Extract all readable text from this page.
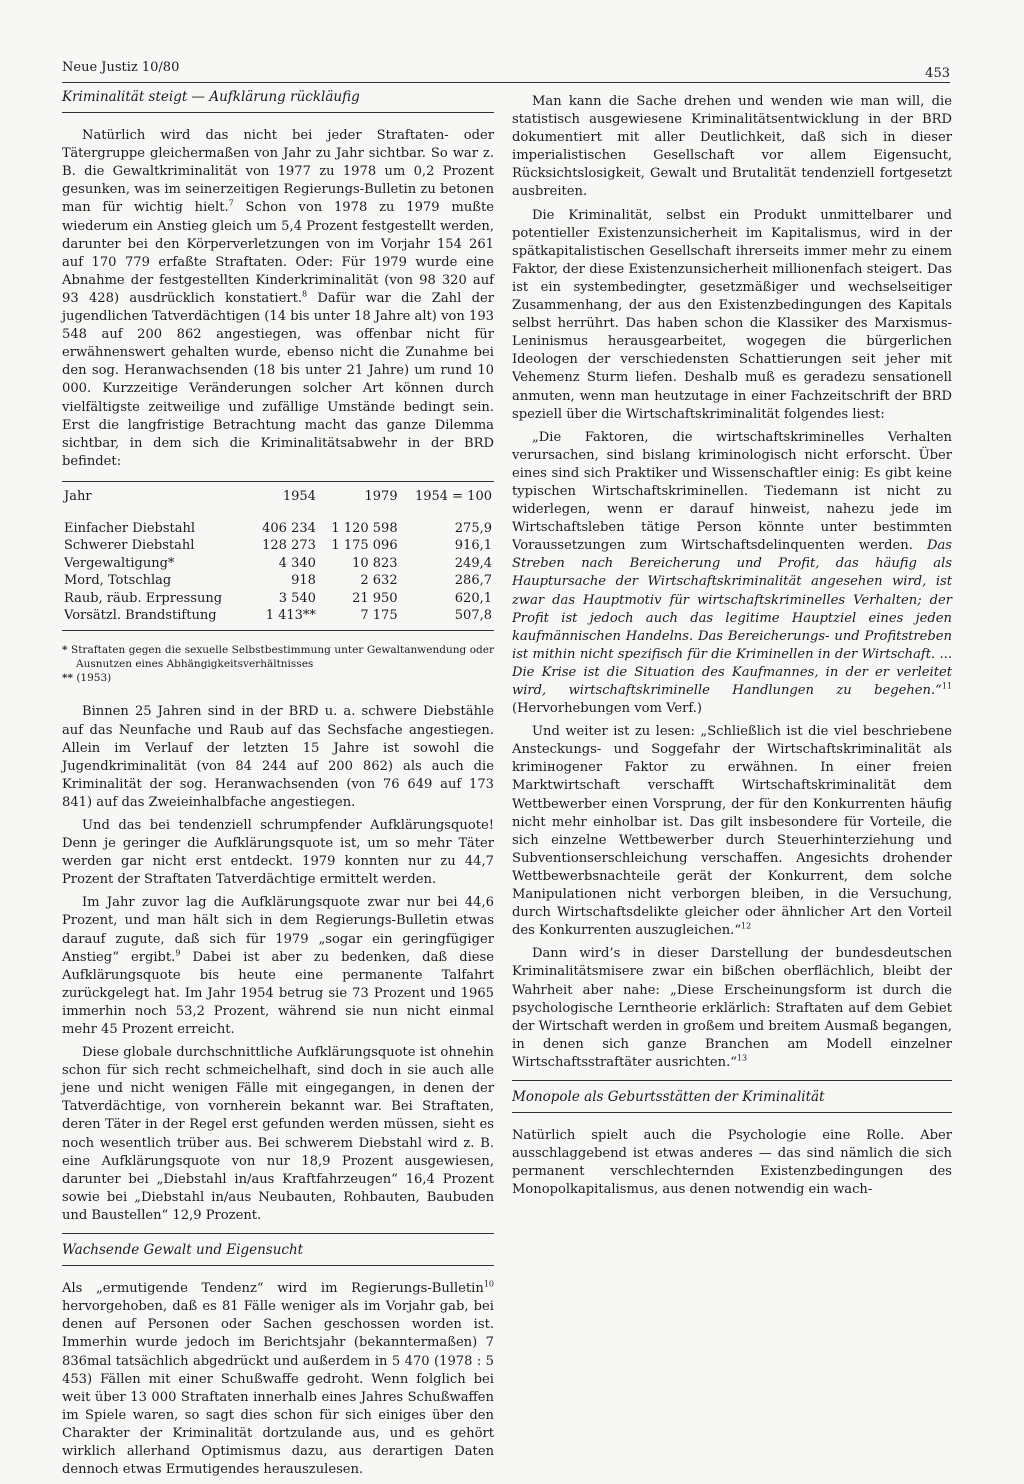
Neue Justiz 10/80	453
Kriminalität steigt — Aufklärung rückläufig

Natürlich wird das nicht bei jeder Straftaten- oder Tätergruppe gleichermaßen von Jahr zu Jahr sichtbar. So war z. B. die Gewaltkriminalität von 1977 zu 1978 um 0,2 Prozent gesunken, was im seinerzeitigen Regierungs-Bulletin zu betonen man für wichtig hielt.$^7$ Schon von 1978 zu 1979 mußte wiederum ein Anstieg gleich um 5,4 Prozent festgestellt werden, darunter bei den Körperverletzungen von im Vorjahr 154 261 auf 170 779 erfaßte Straftaten. Oder: Für 1979 wurde eine Abnahme der festgestellten Kinderkriminalität (von 98 320 auf 93 428) ausdrücklich konstatiert.$^8$ Dafür war die Zahl der jugendlichen Tatverdächtigen (14 bis unter 18 Jahre alt) von 193 548 auf 200 862 angestiegen, was offenbar nicht für erwähnenswert gehalten wurde, ebenso nicht die Zunahme bei den sog. Heranwachsenden (18 bis unter 21 Jahre) um rund 10 000. Kurzzeitige Veränderungen solcher Art können durch vielfältigste zeitweilige und zufällige Umstände bedingt sein. Erst die langfristige Betrachtung macht das ganze Dilemma sichtbar, in dem sich die Kriminalitätsabwehr in der BRD befindet:

Jahr	1954	1979	1954 = 100
Einfacher Diebstahl	406 234	1 120 598	275,9
Schwerer Diebstahl	128 273	1 175 096	916,1
Vergewaltigung*	4 340	10 823	249,4
Mord, Totschlag	918	2 632	286,7
Raub, räub. Erpressung	3 540	21 950	620,1
Vorsätzl. Brandstiftung	1 413**	7 175	507,8
* Straftaten gegen die sexuelle Selbstbestimmung unter Gewaltanwendung oder Ausnutzen eines Abhängigkeitsverhältnisses
** (1953)

Binnen 25 Jahren sind in der BRD u. a. schwere Diebstähle auf das Neunfache und Raub auf das Sechsfache angestiegen. Allein im Verlauf der letzten 15 Jahre ist sowohl die Jugendkriminalität (von 84 244 auf 200 862) als auch die Kriminalität der sog. Heranwachsenden (von 76 649 auf 173 841) auf das Zweieinhalbfache angestiegen.

Und das bei tendenziell schrumpfender Aufklärungsquote! Denn je geringer die Aufklärungsquote ist, um so mehr Täter werden gar nicht erst entdeckt. 1979 konnten nur zu 44,7 Prozent der Straftaten Tatverdächtige ermittelt werden.

Im Jahr zuvor lag die Aufklärungsquote zwar nur bei 44,6 Prozent, und man hält sich in dem Regierungs-Bulletin etwas darauf zugute, daß sich für 1979 „sogar ein geringfügiger Anstieg“ ergibt.$^9$ Dabei ist aber zu bedenken, daß diese Aufklärungsquote bis heute eine permanente Talfahrt zurückgelegt hat. Im Jahr 1954 betrug sie 73 Prozent und 1965 immerhin noch 53,2 Prozent, während sie nun nicht einmal mehr 45 Prozent erreicht.

Diese globale durchschnittliche Aufklärungsquote ist ohnehin schon für sich recht schmeichelhaft, sind doch in sie auch alle jene und nicht wenigen Fälle mit eingegangen, in denen der Tatverdächtige, von vornherein bekannt war. Bei Straftaten, deren Täter in der Regel erst gefunden werden müssen, sieht es noch wesentlich trüber aus. Bei schwerem Diebstahl wird z. B. eine Aufklärungsquote von nur 18,9 Prozent ausgewiesen, darunter bei „Diebstahl in/aus Kraftfahrzeugen“ 16,4 Prozent sowie bei „Diebstahl in/aus Neubauten, Rohbauten, Baubuden und Baustellen“ 12,9 Prozent.

Wachsende Gewalt und Eigensucht

Als „ermutigende Tendenz“ wird im Regierungs-Bulletin$^{10}$ hervorgehoben, daß es 81 Fälle weniger als im Vorjahr gab, bei denen auf Personen oder Sachen geschossen worden ist. Immerhin wurde jedoch im Berichtsjahr (bekanntermaßen) 7 836mal tatsächlich abgedrückt und außerdem in 5 470 (1978 : 5 453) Fällen mit einer Schußwaffe gedroht. Wenn folglich bei weit über 13 000 Straftaten innerhalb eines Jahres Schußwaffen im Spiele waren, so sagt dies schon für sich einiges über den Charakter der Kriminalität dortzulande aus, und es gehört wirklich allerhand Optimismus dazu, aus derartigen Daten dennoch etwas Ermutigendes herauszulesen.

Man kann die Sache drehen und wenden wie man will, die statistisch ausgewiesene Kriminalitätsentwicklung in der BRD dokumentiert mit aller Deutlichkeit, daß sich in dieser imperialistischen Gesellschaft vor allem Eigensucht, Rücksichtslosigkeit, Gewalt und Brutalität tendenziell fortgesetzt ausbreiten.

Die Kriminalität, selbst ein Produkt unmittelbarer und potentieller Existenzunsicherheit im Kapitalismus, wird in der spätkapitalistischen Gesellschaft ihrerseits immer mehr zu einem Faktor, der diese Existenzunsicherheit millionenfach steigert. Das ist ein systembedingter, gesetzmäßiger und wechselseitiger Zusammenhang, der aus den Existenzbedingungen des Kapitals selbst herrührt. Das haben schon die Klassiker des Marxismus-Leninismus herausgearbeitet, wogegen die bürgerlichen Ideologen der verschiedensten Schattierungen seit jeher mit Vehemenz Sturm liefen. Deshalb muß es geradezu sensationell anmuten, wenn man heutzutage in einer Fachzeitschrift der BRD speziell über die Wirtschaftskriminalität folgendes liest:

„Die Faktoren, die wirtschaftskriminelles Verhalten verursachen, sind bislang kriminologisch nicht erforscht. Über eines sind sich Praktiker und Wissenschaftler einig: Es gibt keine typischen Wirtschaftskriminellen. Tiedemann ist nicht zu widerlegen, wenn er darauf hinweist, nahezu jede im Wirtschaftsleben tätige Person könnte unter bestimmten Voraussetzungen zum Wirtschaftsdelinquenten werden. Das Streben nach Bereicherung und Profit, das häufig als Hauptursache der Wirtschaftskriminalität angesehen wird, ist zwar das Hauptmotiv für wirtschaftskriminelles Verhalten; der Profit ist jedoch auch das legitime Hauptziel eines jeden kaufmännischen Handelns. Das Bereicherungs- und Profitstreben ist mithin nicht spezifisch für die Kriminellen in der Wirtschaft. ... Die Krise ist die Situation des Kaufmannes, in der er verleitet wird, wirtschaftskriminelle Handlungen zu begehen.“$^{11}$ (Hervorhebungen vom Verf.)

Und weiter ist zu lesen: „Schließlich ist die viel beschriebene Ansteckungs- und Soggefahr der Wirtschaftskriminalität als krimінogener Faktor zu erwähnen. In einer freien Marktwirtschaft verschafft Wirtschaftskriminalität dem Wettbewerber einen Vorsprung, der für den Konkurrenten häufig nicht mehr einholbar ist. Das gilt insbesondere für Vorteile, die sich einzelne Wettbewerber durch Steuerhinterziehung und Subventionserschleichung verschaffen. Angesichts drohender Wettbewerbsnachteile gerät der Konkurrent, dem solche Manipulationen nicht verborgen bleiben, in die Versuchung, durch Wirtschaftsdelikte gleicher oder ähnlicher Art den Vorteil des Konkurrenten auszugleichen.“$^{12}$

Dann wird’s in dieser Darstellung der bundesdeutschen Kriminalitätsmisere zwar ein bißchen oberflächlich, bleibt der Wahrheit aber nahe: „Diese Erscheinungsform ist durch die psychologische Lerntheorie erklärlich: Straftaten auf dem Gebiet der Wirtschaft werden in großem und breitem Ausmaß begangen, in denen sich ganze Branchen am Modell einzelner Wirtschaftsstraftäter ausrichten.“$^{13}$

Monopole als Geburtsstätten der Kriminalität

Natürlich spielt auch die Psychologie eine Rolle. Aber ausschlaggebend ist etwas anderes — das sind nämlich die sich permanent verschlechternden Existenzbedingungen des Monopolkapitalismus, aus denen notwendig ein wach-
